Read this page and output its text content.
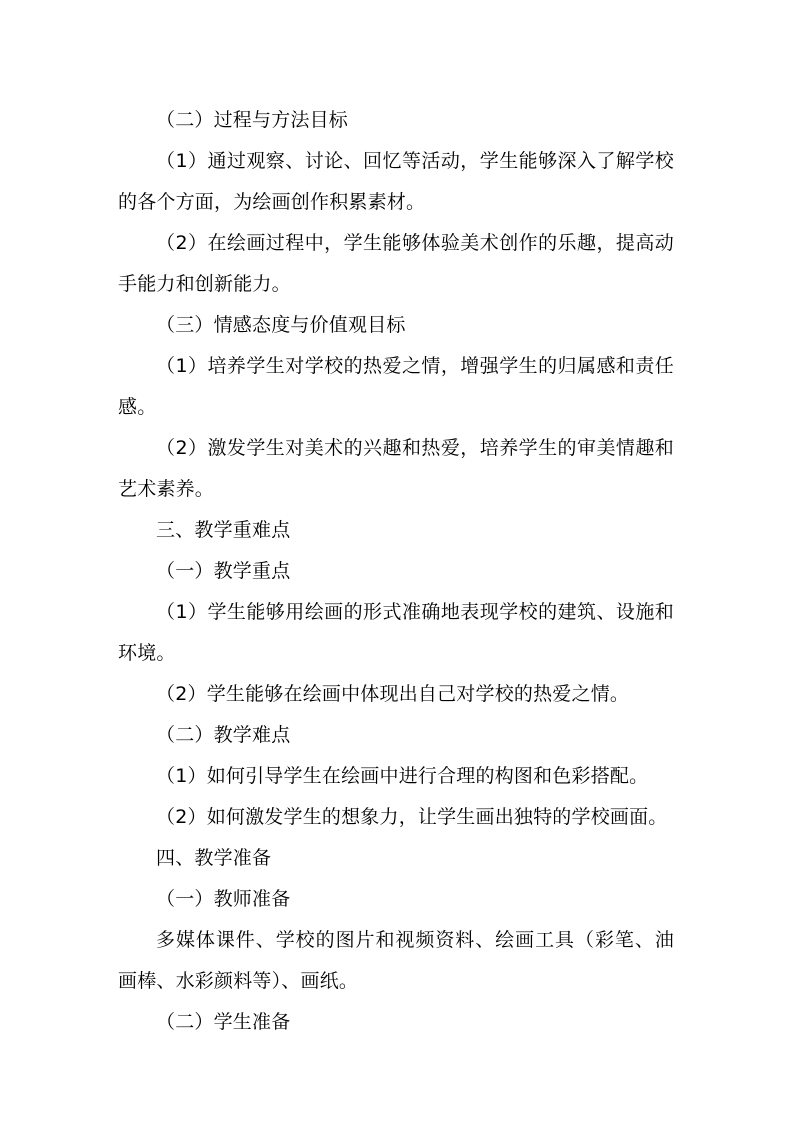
（二）过程与方法目标

（1）通过观察、讨论、回忆等活动，学生能够深入了解学校的各个方面，为绘画创作积累素材。

（2）在绘画过程中，学生能够体验美术创作的乐趣，提高动手能力和创新能力。

（三）情感态度与价值观目标

（1）培养学生对学校的热爱之情，增强学生的归属感和责任感。

（2）激发学生对美术的兴趣和热爱，培养学生的审美情趣和艺术素养。

三、教学重难点

（一）教学重点

（1）学生能够用绘画的形式准确地表现学校的建筑、设施和环境。

（2）学生能够在绘画中体现出自己对学校的热爱之情。

（二）教学难点

（1）如何引导学生在绘画中进行合理的构图和色彩搭配。

（2）如何激发学生的想象力，让学生画出独特的学校画面。

四、教学准备

（一）教师准备

多媒体课件、学校的图片和视频资料、绘画工具（彩笔、油画棒、水彩颜料等）、画纸。

（二）学生准备
